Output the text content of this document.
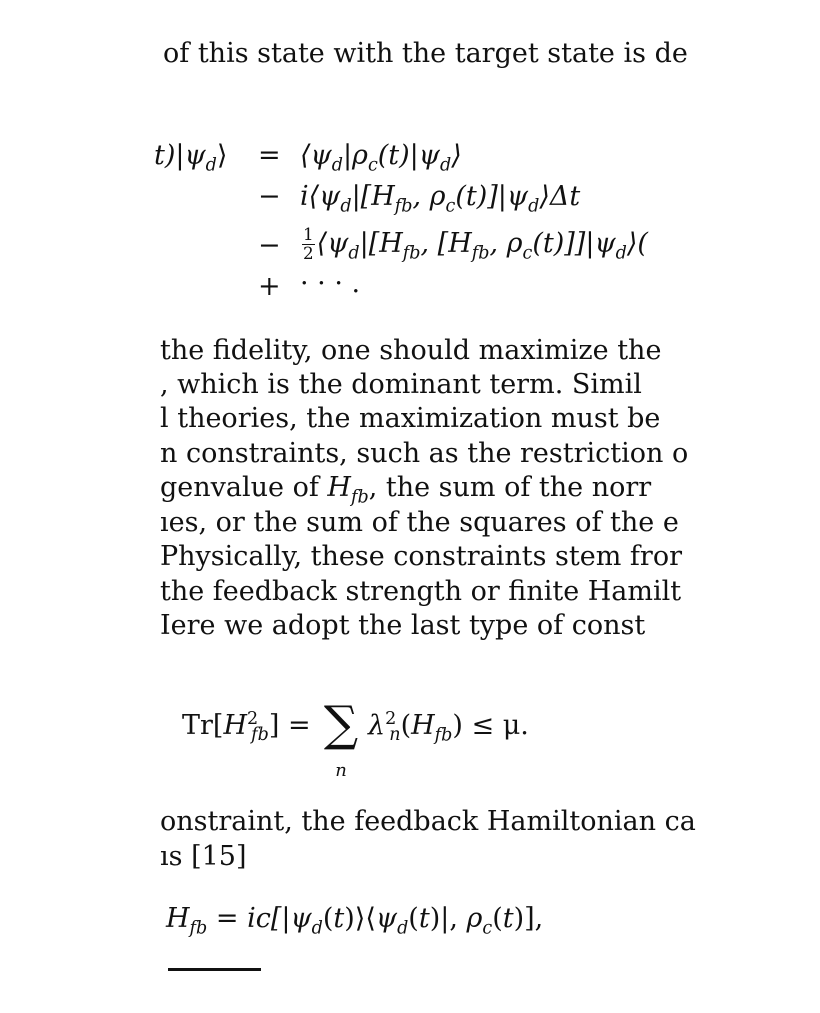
of this state with the target state is de
$t)|\psi_d⟩$ = $⟨\psi_d|\rho_c(t)|\psi_d⟩$
− $i⟨\psi_d|[H_{fb}$, $\rho_c(t)]|\psi_d⟩\Delta t$
− $\frac{1}{2}$ $⟨\psi_d|[H_{fb}$, [$H_{fb}$, $\rho_c(t)]]|\psi_d⟩$(
+ · · · .
the fidelity, one should maximize the
, which is the dominant term. Simil
l theories, the maximization must be
n constraints, such as the restriction o
genvalue of $H_{fb}$, the sum of the norr
ıes, or the sum of the squares of the e
Physically, these constraints stem fror
the feedback strength or finite Hamilt
Iere we adopt the last type of const
$Tr[H^2_{fb}]$ = ∑
n
$\lambda^2_n(H_{fb}) \le \mu$.
onstraint, the feedback Hamiltonian ca
ıs [15]
$H_{fb}$ = $ic[|\psi_d(t)⟩⟨\psi_d(t)|$, $\rho_c(t)$],
